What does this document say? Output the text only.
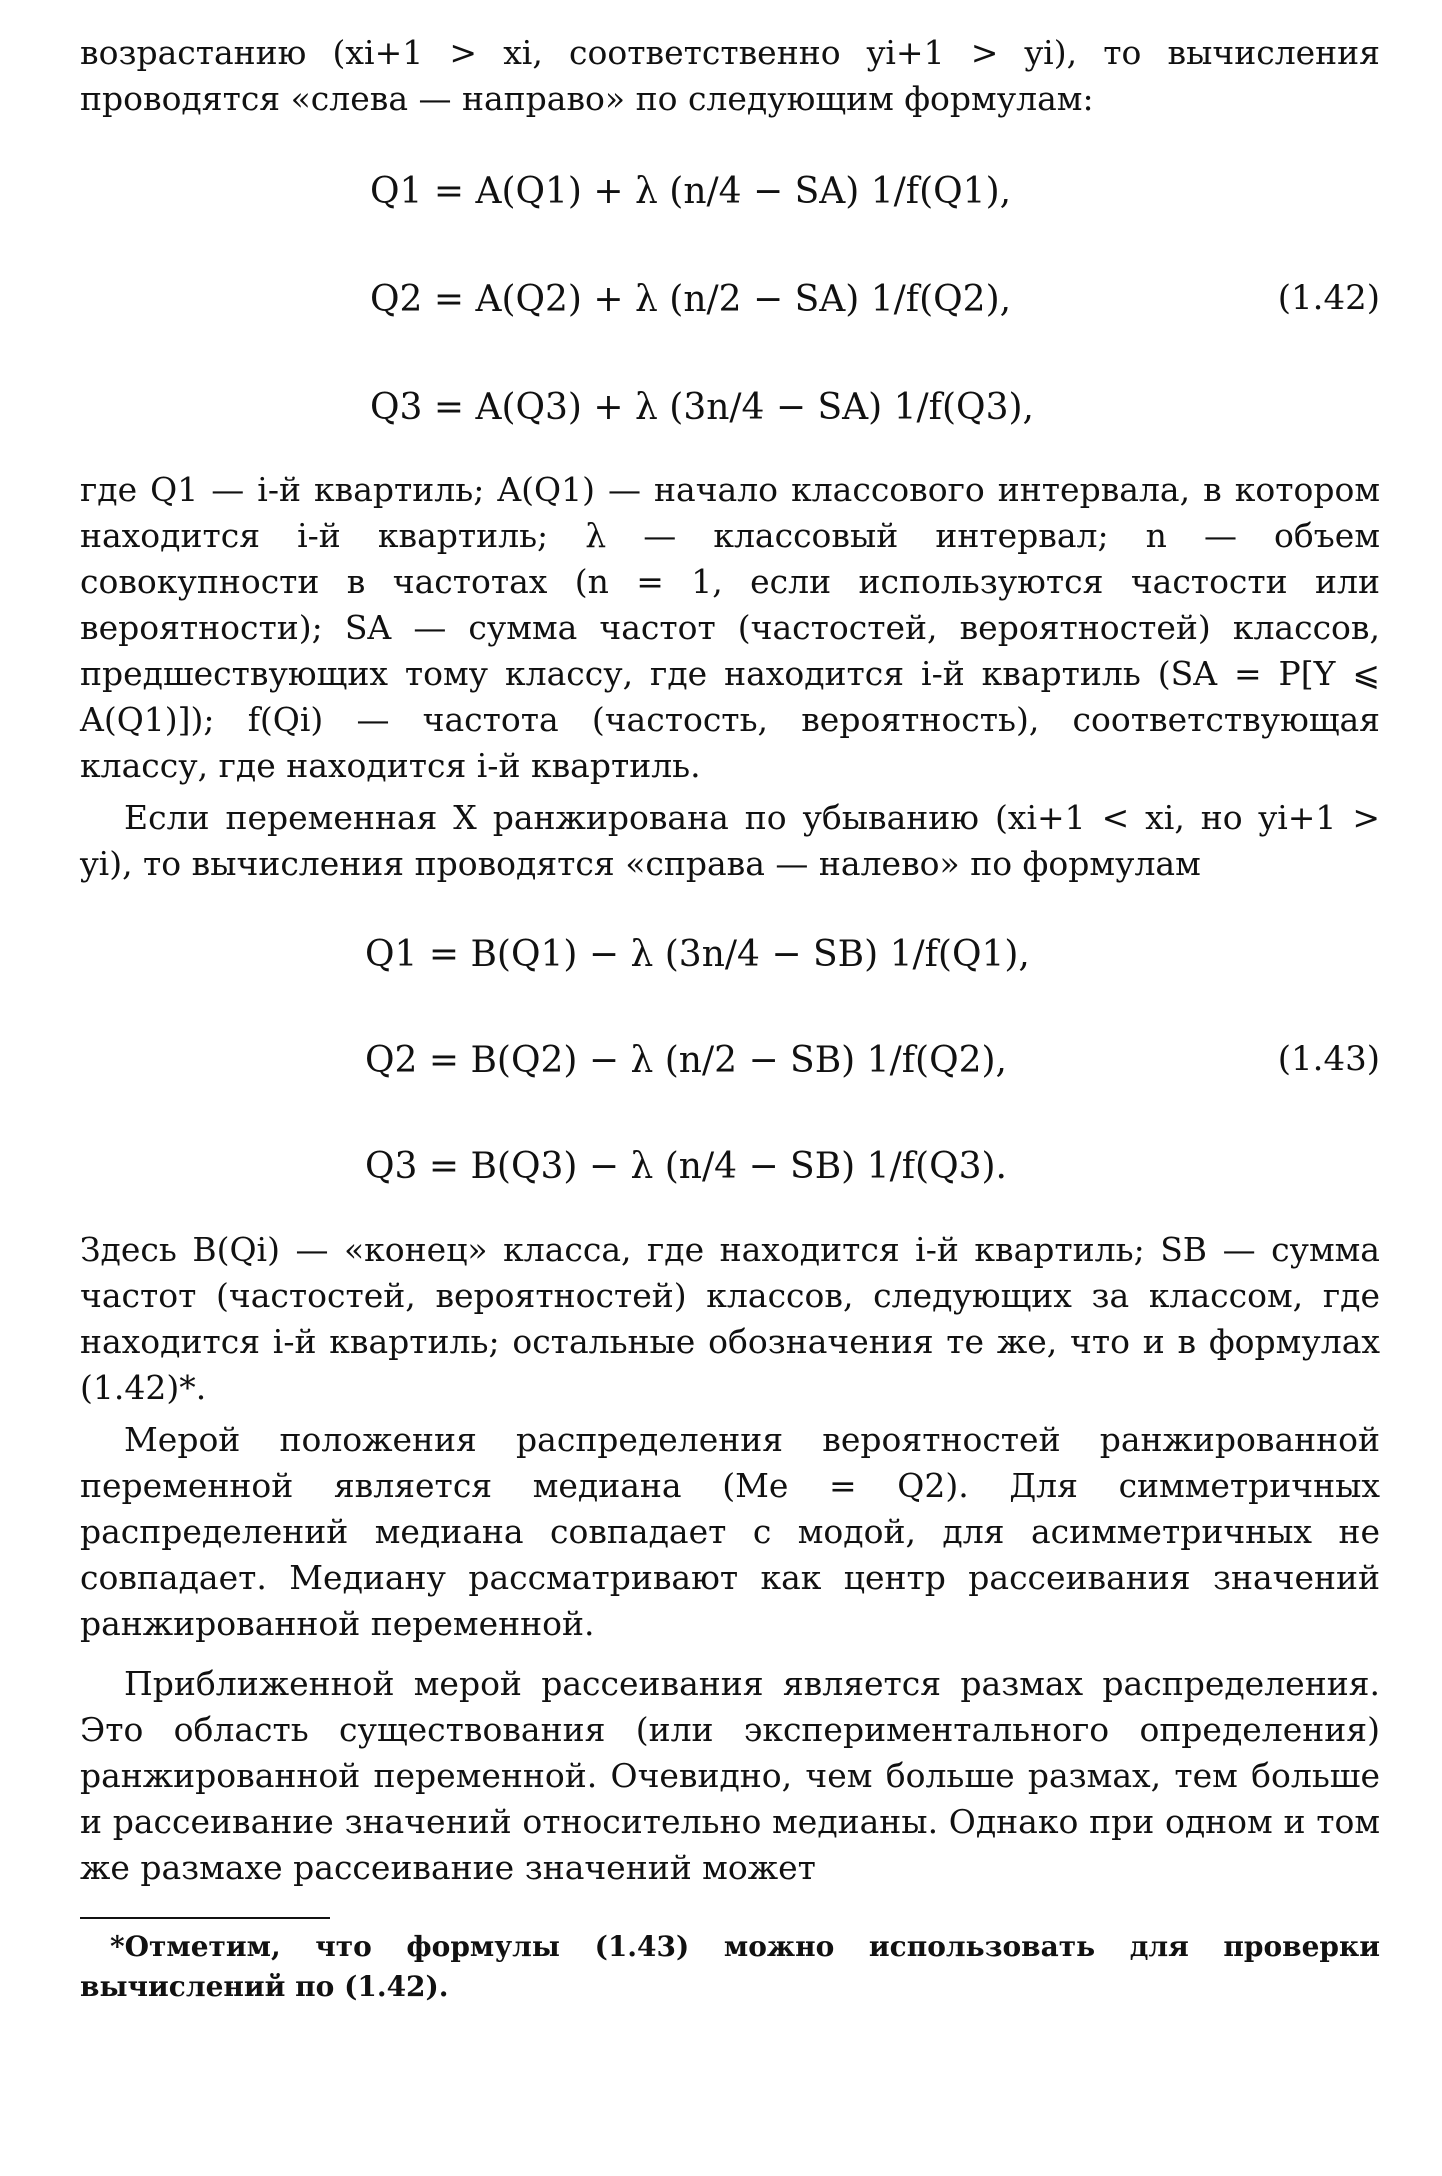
возрастанию (xi+1 > xi, соответственно yi+1 > yi), то вычисления проводятся «слева — направо» по следующим формулам:

Q1 = A(Q1) + λ (n/4 − SA) 1/f(Q1),
Q2 = A(Q2) + λ (n/2 − SA) 1/f(Q2),
Q3 = A(Q3) + λ (3n/4 − SA) 1/f(Q3),
(1.42)

где Q1 — i-й квартиль; A(Q1) — начало классового интервала, в котором находится i-й квартиль; λ — классовый интервал; n — объем совокупности в частотах (n = 1, если используются частости или вероятности); SA — сумма частот (частостей, вероятностей) классов, предшествующих тому классу, где находится i-й квартиль (SA = P[Y ⩽ A(Q1)]); f(Qi) — частота (частость, вероятность), соответствующая классу, где находится i-й квартиль.

Если переменная X ранжирована по убыванию (xi+1 < xi, но yi+1 > yi), то вычисления проводятся «справа — налево» по формулам

Q1 = B(Q1) − λ (3n/4 − SB) 1/f(Q1),
Q2 = B(Q2) − λ (n/2 − SB) 1/f(Q2),
Q3 = B(Q3) − λ (n/4 − SB) 1/f(Q3).
(1.43)

Здесь B(Qi) — «конец» класса, где находится i-й квартиль; SB — сумма частот (частостей, вероятностей) классов, следующих за классом, где находится i-й квартиль; остальные обозначения те же, что и в формулах (1.42)*.

Мерой положения распределения вероятностей ранжированной переменной является медиана (Me = Q2). Для симметричных распределений медиана совпадает с модой, для асимметричных не совпадает. Медиану рассматривают как центр рассеивания значений ранжированной переменной.

Приближенной мерой рассеивания является размах распределения. Это область существования (или экспериментального определения) ранжированной переменной. Очевидно, чем больше размах, тем больше и рассеивание значений относительно медианы. Однако при одном и том же размахе рассеивание значений может

*Отметим, что формулы (1.43) можно использовать для проверки вычислений по (1.42).
